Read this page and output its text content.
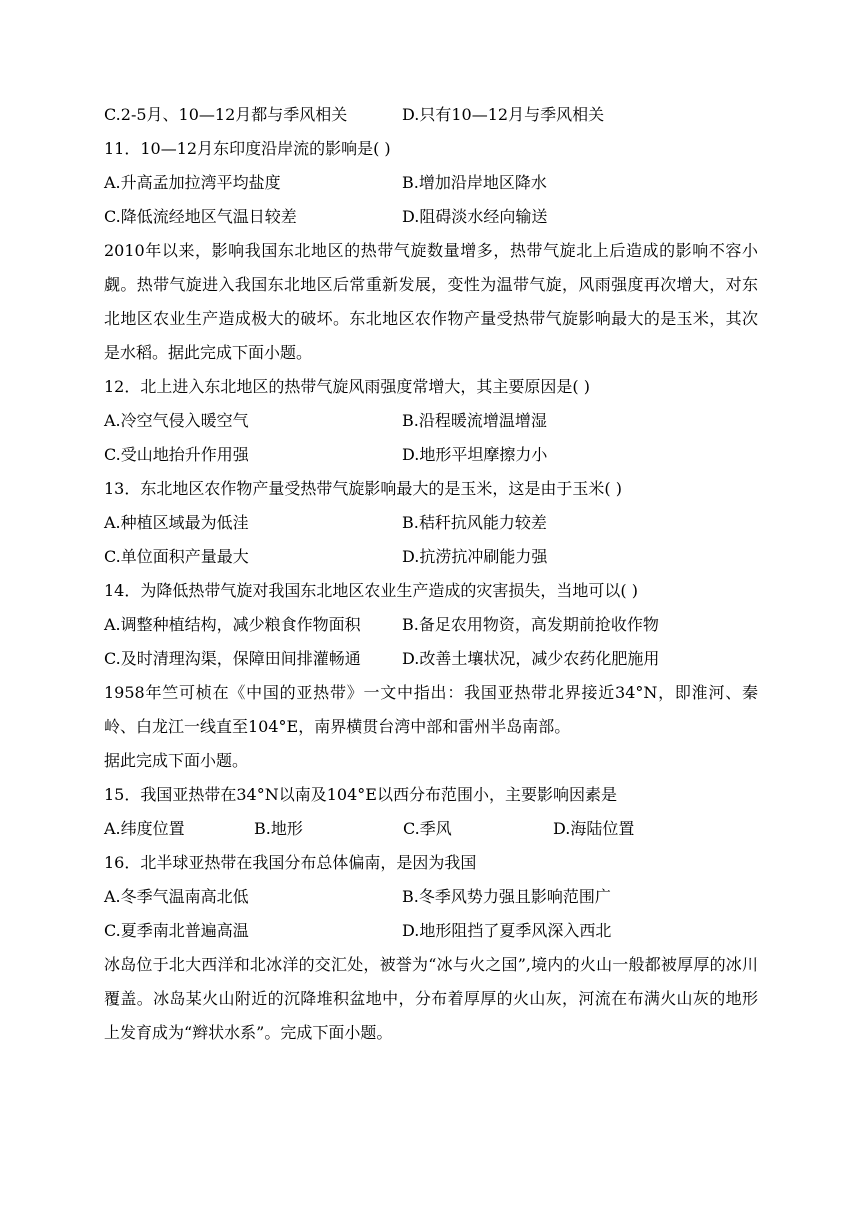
C.2-5月、10—12月都与季风相关	D.只有10—12月与季风相关
11．10—12月东印度沿岸流的影响是( )
A.升高孟加拉湾平均盐度	B.增加沿岸地区降水
C.降低流经地区气温日较差	D.阻碍淡水经向输送
2010年以来，影响我国东北地区的热带气旋数量增多，热带气旋北上后造成的影响不容小觑。热带气旋进入我国东北地区后常重新发展，变性为温带气旋，风雨强度再次增大，对东北地区农业生产造成极大的破坏。东北地区农作物产量受热带气旋影响最大的是玉米，其次是水稻。据此完成下面小题。
12．北上进入东北地区的热带气旋风雨强度常增大，其主要原因是( )
A.冷空气侵入暖空气	B.沿程暖流增温增湿
C.受山地抬升作用强	D.地形平坦摩擦力小
13．东北地区农作物产量受热带气旋影响最大的是玉米，这是由于玉米( )
A.种植区域最为低洼	B.秸秆抗风能力较差
C.单位面积产量最大	D.抗涝抗冲刷能力强
14．为降低热带气旋对我国东北地区农业生产造成的灾害损失，当地可以( )
A.调整种植结构，减少粮食作物面积	B.备足农用物资，高发期前抢收作物
C.及时清理沟渠，保障田间排灌畅通	D.改善土壤状况，减少农药化肥施用
1958年竺可桢在《中国的亚热带》一文中指出：我国亚热带北界接近34°N，即淮河、秦岭、白龙江一线直至104°E，南界横贯台湾中部和雷州半岛南部。
据此完成下面小题。
15．我国亚热带在34°N以南及104°E以西分布范围小，主要影响因素是
A.纬度位置	B.地形	C.季风	D.海陆位置
16．北半球亚热带在我国分布总体偏南，是因为我国
A.冬季气温南高北低	B.冬季风势力强且影响范围广
C.夏季南北普遍高温	D.地形阻挡了夏季风深入西北
冰岛位于北大西洋和北冰洋的交汇处，被誉为“冰与火之国”,境内的火山一般都被厚厚的冰川覆盖。冰岛某火山附近的沉降堆积盆地中，分布着厚厚的火山灰，河流在布满火山灰的地形上发育成为“辫状水系”。完成下面小题。
